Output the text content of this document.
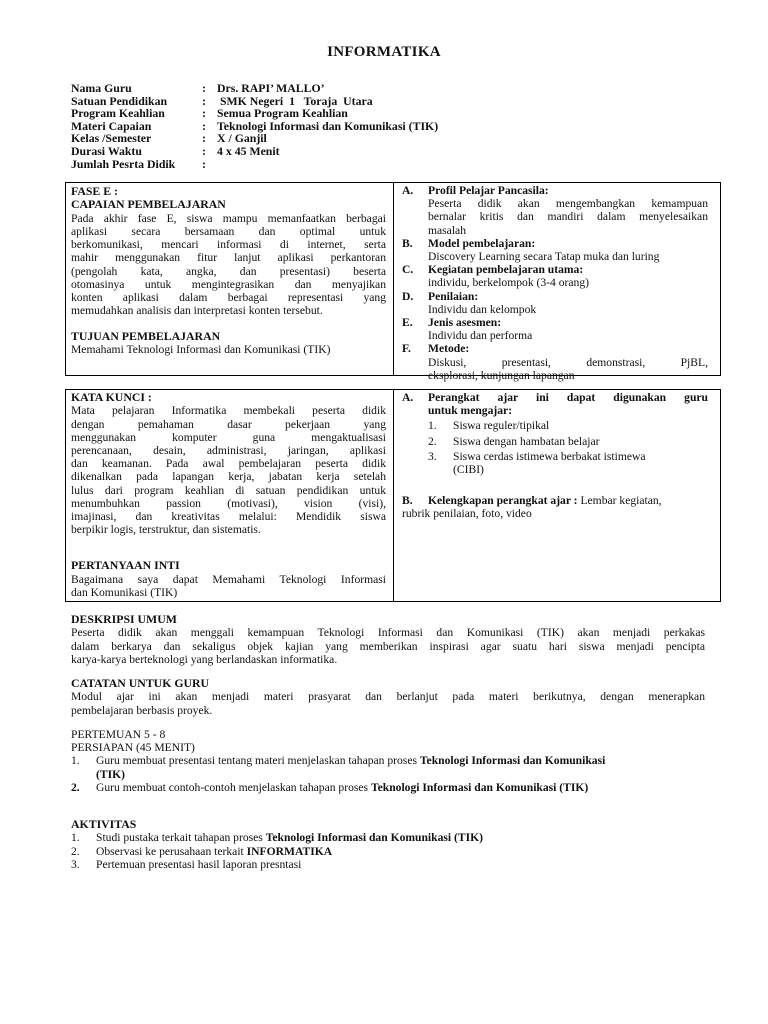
INFORMATIKA
Nama Guru	: Drs. RAPI’ MALLO’
Satuan Pendidikan	: SMK Negeri  1   Toraja  Utara
Program Keahlian	: Semua Program Keahlian
Materi Capaian	: Teknologi Informasi dan Komunikasi (TIK)
Kelas /Semester	: X / Ganjil
Durasi Waktu	: 4 x 45 Menit
Jumlah Pesrta Didik	:
FASE E :
CAPAIAN PEMBELAJARAN
Pada akhir fase E, siswa mampu memanfaatkan berbagai
aplikasi secara bersamaan dan optimal untuk
berkomunikasi, mencari informasi di internet, serta
mahir menggunakan fitur lanjut aplikasi perkantoran
(pengolah kata, angka, dan presentasi) beserta
otomasinya untuk mengintegrasikan dan menyajikan
konten aplikasi dalam berbagai representasi yang
memudahkan analisis dan interpretasi konten tersebut.
TUJUAN PEMBELAJARAN
Memahami Teknologi Informasi dan Komunikasi (TIK)
A.	Profil Pelajar Pancasila:
Peserta didik akan mengembangkan kemampuan
bernalar kritis dan mandiri dalam menyelesaikan
masalah
B.	Model pembelajaran:
Discovery Learning secara Tatap muka dan luring
C.	Kegiatan pembelajaran utama:
individu, berkelompok (3-4 orang)
D.	Penilaian:
Individu dan kelompok
E.	Jenis asesmen:
Individu dan performa
F.	Metode:
Diskusi, presentasi, demonstrasi, PjBL,
eksplorasi, kunjungan lapangan
KATA KUNCI :
Mata pelajaran Informatika membekali peserta didik
dengan pemahaman dasar pekerjaan yang
menggunakan komputer guna mengaktualisasi
perencanaan, desain, administrasi, jaringan, aplikasi
dan keamanan. Pada awal pembelajaran peserta didik
dikenalkan pada lapangan kerja, jabatan kerja setelah
lulus dari program keahlian di satuan pendidikan untuk
menumbuhkan passion (motivasi), vision (visi),
imajinasi, dan kreativitas melalui: Mendidik siswa
berpikir logis, terstruktur, dan sistematis.
PERTANYAAN INTI
Bagaimana saya dapat Memahami Teknologi Informasi
dan Komunikasi (TIK)
A.	Perangkat ajar ini dapat digunakan guru
untuk mengajar:
1.	Siswa reguler/tipikal
2.	Siswa dengan hambatan belajar
3.	Siswa cerdas istimewa berbakat istimewa
(CIBI)
B.	Kelengkapan perangkat ajar : Lembar kegiatan,
rubrik penilaian, foto, video
DESKRIPSI UMUM
Peserta didik akan menggali kemampuan Teknologi Informasi dan Komunikasi (TIK) akan menjadi perkakas
dalam berkarya dan sekaligus objek kajian yang memberikan inspirasi agar suatu hari siswa menjadi pencipta
karya-karya berteknologi yang berlandaskan informatika.
CATATAN UNTUK GURU
Modul ajar ini akan menjadi materi prasyarat dan berlanjut pada materi berikutnya, dengan menerapkan
pembelajaran berbasis proyek.
PERTEMUAN 5 - 8
PERSIAPAN (45 MENIT)
1.	Guru membuat presentasi tentang materi menjelaskan tahapan proses Teknologi Informasi dan Komunikasi
(TIK)
2.	Guru membuat contoh-contoh menjelaskan tahapan proses Teknologi Informasi dan Komunikasi (TIK)
AKTIVITAS
1.	Studi pustaka terkait tahapan proses Teknologi Informasi dan Komunikasi (TIK)
2.	Observasi ke perusahaan terkait INFORMATIKA
3.	Pertemuan presentasi hasil laporan presntasi
